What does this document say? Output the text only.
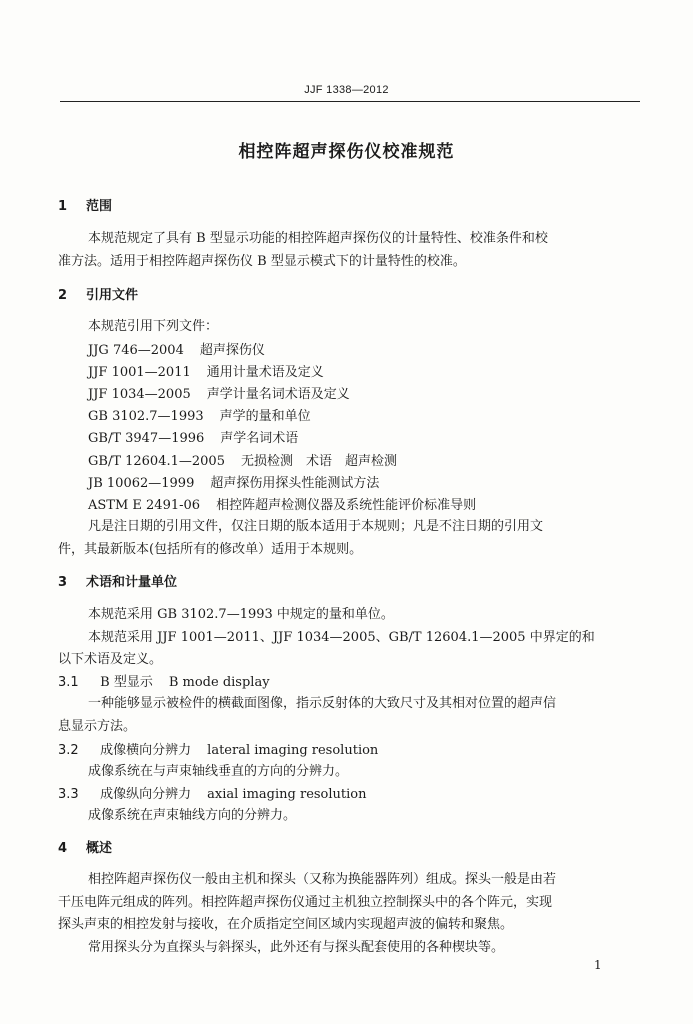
JJF 1338—2012
相控阵超声探伤仪校准规范
1 范围
本规范规定了具有 B 型显示功能的相控阵超声探伤仪的计量特性、校准条件和校
准方法。适用于相控阵超声探伤仪 B 型显示模式下的计量特性的校准。
2 引用文件
本规范引用下列文件：
JJG 746—2004 超声探伤仪
JJF 1001—2011 通用计量术语及定义
JJF 1034—2005 声学计量名词术语及定义
GB 3102.7—1993 声学的量和单位
GB/T 3947—1996 声学名词术语
GB/T 12604.1—2005 无损检测　术语　超声检测
JB 10062—1999 超声探伤用探头性能测试方法
ASTM E 2491-06 相控阵超声检测仪器及系统性能评价标准导则
凡是注日期的引用文件，仅注日期的版本适用于本规则；凡是不注日期的引用文
件，其最新版本(包括所有的修改单）适用于本规则。
3 术语和计量单位
本规范采用 GB 3102.7—1993 中规定的量和单位。
本规范采用 JJF 1001—2011、JJF 1034—2005、GB/T 12604.1—2005 中界定的和
以下术语及定义。
3.1 B 型显示 B mode display
一种能够显示被检件的横截面图像，指示反射体的大致尺寸及其相对位置的超声信
息显示方法。
3.2 成像横向分辨力 lateral imaging resolution
成像系统在与声束轴线垂直的方向的分辨力。
3.3 成像纵向分辨力 axial imaging resolution
成像系统在声束轴线方向的分辨力。
4 概述
相控阵超声探伤仪一般由主机和探头（又称为换能器阵列）组成。探头一般是由若
干压电阵元组成的阵列。相控阵超声探伤仪通过主机独立控制探头中的各个阵元，实现
探头声束的相控发射与接收，在介质指定空间区域内实现超声波的偏转和聚焦。
常用探头分为直探头与斜探头，此外还有与探头配套使用的各种楔块等。
1
